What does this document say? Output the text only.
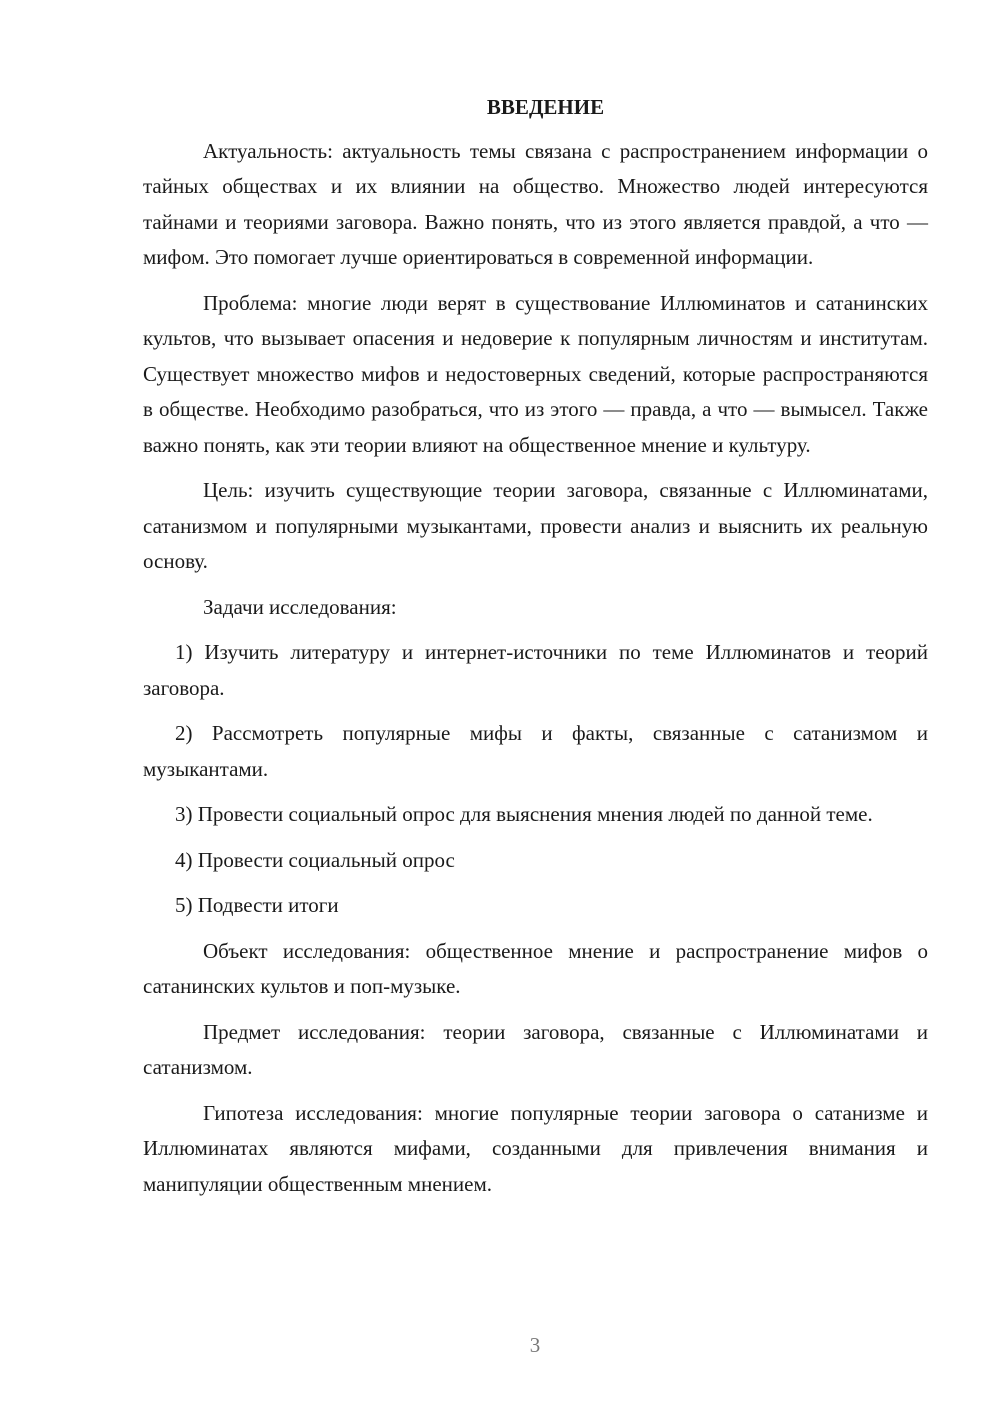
ВВЕДЕНИЕ

Актуальность: актуальность темы связана с распространением информации о тайных обществах и их влиянии на общество. Множество людей интересуются тайнами и теориями заговора. Важно понять, что из этого является правдой, а что — мифом. Это помогает лучше ориентироваться в современной информации.

Проблема: многие люди верят в существование Иллюминатов и сатанинских культов, что вызывает опасения и недоверие к популярным личностям и институтам. Существует множество мифов и недостоверных сведений, которые распространяются в обществе. Необходимо разобраться, что из этого — правда, а что — вымысел. Также важно понять, как эти теории влияют на общественное мнение и культуру.

Цель: изучить существующие теории заговора, связанные с Иллюминатами, сатанизмом и популярными музыкантами, провести анализ и выяснить их реальную основу.

Задачи исследования:

1) Изучить литературу и интернет-источники по теме Иллюминатов и теорий заговора.

2) Рассмотреть популярные мифы и факты, связанные с сатанизмом и музыкантами.

3) Провести социальный опрос для выяснения мнения людей по данной теме.

4) Провести социальный опрос

5) Подвести итоги

Объект исследования: общественное мнение и распространение мифов о сатанинских культов и поп-музыке.

Предмет исследования: теории заговора, связанные с Иллюминатами и сатанизмом.

Гипотеза исследования: многие популярные теории заговора о сатанизме и Иллюминатах являются мифами, созданными для привлечения внимания и манипуляции общественным мнением.

3
